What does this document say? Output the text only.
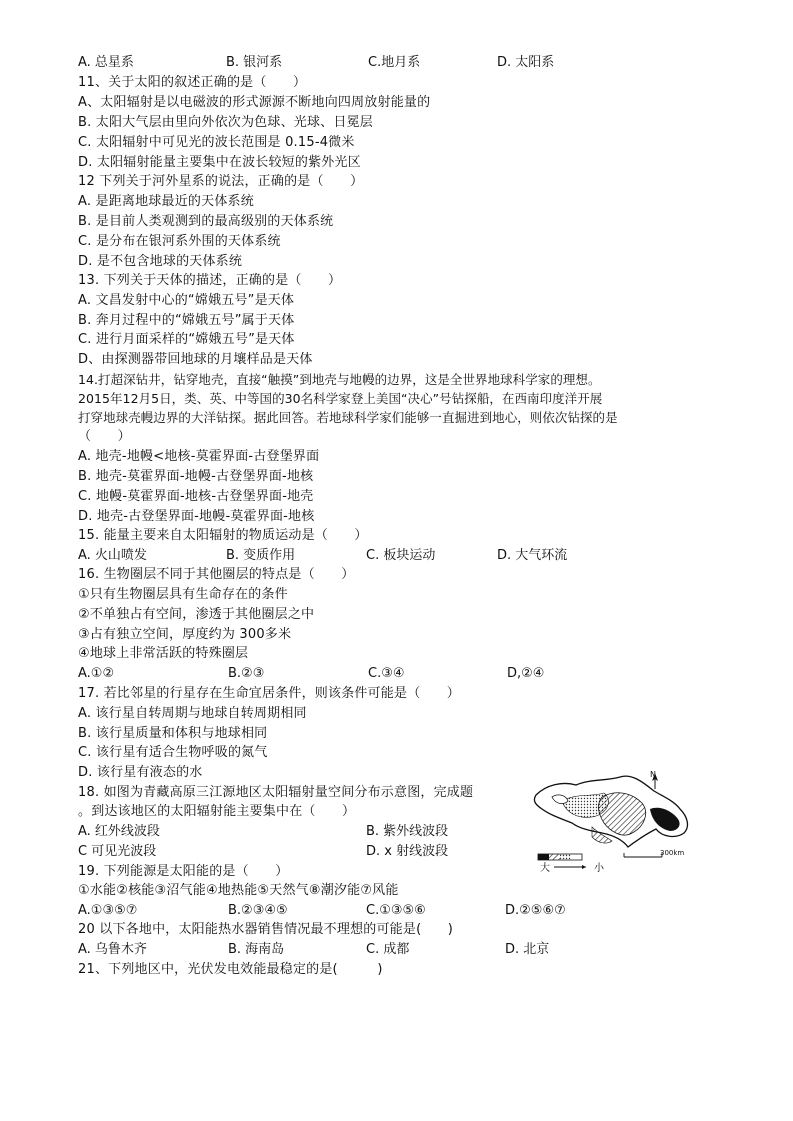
A. 总星系	B. 银河系	C.地月系	D. 太阳系
11、关于太阳的叙述正确的是（　　）
A、太阳辐射是以电磁波的形式源源不断地向四周放射能量的
B. 太阳大气层由里向外依次为色球、光球、日冕层
C. 太阳辐射中可见光的波长范围是 0.15-4微米
D. 太阳辐射能量主要集中在波长较短的紫外光区
12 下列关于河外星系的说法，正确的是（　　）
A. 是距离地球最近的天体系统
B. 是目前人类观测到的最高级别的天体系统
C. 是分布在银河系外围的天体系统
D. 是不包含地球的天体系统
13. 下列关于天体的描述，正确的是（　　）
A. 文昌发射中心的“嫦娥五号”是天体
B. 奔月过程中的“嫦娥五号”属于天体
C. 进行月面采样的“嫦娥五号”是天体
D、由探测器带回地球的月壤样品是天体
14.打超深钻井，钻穿地壳，直接“触摸”到地壳与地幔的边界，这是全世界地球科学家的理想。
2015年12月5日，类、英、中等国的30名科学家登上美国“决心”号钻探船，在西南印度洋开展
打穿地球壳幔边界的大洋钻探。据此回答。若地球科学家们能够一直掘进到地心，则依次钻探的是
（　　）
A. 地壳-地幔<地核-莫霍界面-古登堡界面
B. 地壳-莫霍界面-地幔-古登堡界面-地核
C. 地幔-莫霍界面-地核-古登堡界面-地壳
D. 地壳-古登堡界面-地幔-莫霍界面-地核
15. 能量主要来自太阳辐射的物质运动是（　　）
A. 火山喷发	B. 变质作用	C. 板块运动	D. 大气环流
16. 生物圈层不同于其他圈层的特点是（　　）
①只有生物圈层具有生命存在的条件
②不单独占有空间，渗透于其他圈层之中
③占有独立空间，厚度约为 300多米
④地球上非常活跃的特殊圈层
A.①②	B.②③	C.③④	D,②④
17. 若比邻星的行星存在生命宜居条件，则该条件可能是（　　）
A. 该行星自转周期与地球自转周期相同
B. 该行星质量和体积与地球相同
C. 该行星有适合生物呼吸的氮气
D. 该行星有液态的水
18. 如图为青藏高原三江源地区太阳辐射量空间分布示意图，完成题
。到达该地区的太阳辐射能主要集中在（　　）
A. 红外线波段	B. 紫外线波段
C 可见光波段	D. x 射线波段
N
大	小
300km
19. 下列能源是太阳能的是（　　）
①水能②核能③沼气能④地热能⑤天然气⑧潮汐能⑦风能
A.①③⑤⑦	B.②③④⑤	C.①③⑤⑥	D.②⑤⑥⑦
20 以下各地中，太阳能热水器销售情况最不理想的可能是(　　)
A. 乌鲁木齐	B. 海南岛	C. 成都	D. 北京
21、下列地区中，光伏发电效能最稳定的是(　　　)
